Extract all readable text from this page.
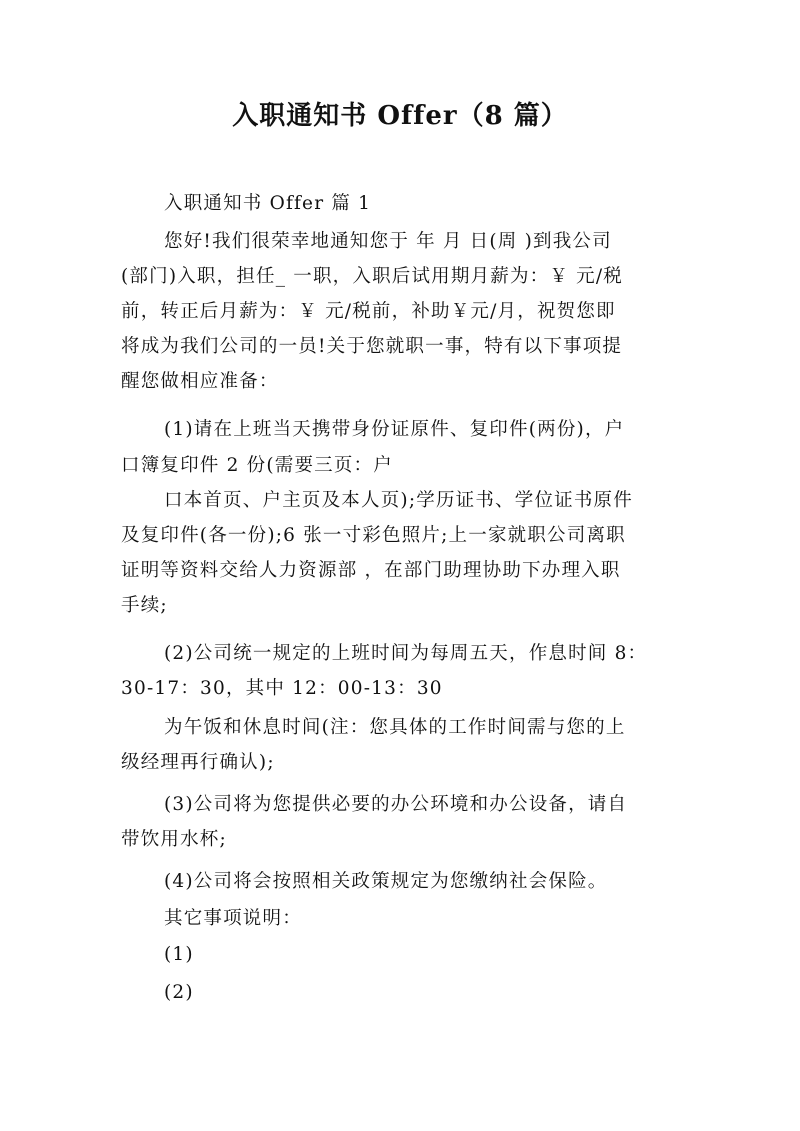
入职通知书 Offer（8 篇）

入职通知书 Offer 篇 1

您好!我们很荣幸地通知您于 年 月 日(周 )到我公司

(部门)入职，担任_ 一职，入职后试用期月薪为：￥ 元/税

前，转正后月薪为：￥ 元/税前，补助￥元/月，祝贺您即

将成为我们公司的一员!关于您就职一事，特有以下事项提

醒您做相应准备：

(1)请在上班当天携带身份证原件、复印件(两份)，户

口簿复印件 2 份(需要三页：户

口本首页、户主页及本人页);学历证书、学位证书原件

及复印件(各一份);6 张一寸彩色照片;上一家就职公司离职

证明等资料交给人力资源部 ，在部门助理协助下办理入职

手续;

(2)公司统一规定的上班时间为每周五天，作息时间 8：

30-17：30，其中 12：00-13：30

为午饭和休息时间(注：您具体的工作时间需与您的上

级经理再行确认);

(3)公司将为您提供必要的办公环境和办公设备，请自

带饮用水杯;

(4)公司将会按照相关政策规定为您缴纳社会保险。

其它事项说明：

(1)

(2)
